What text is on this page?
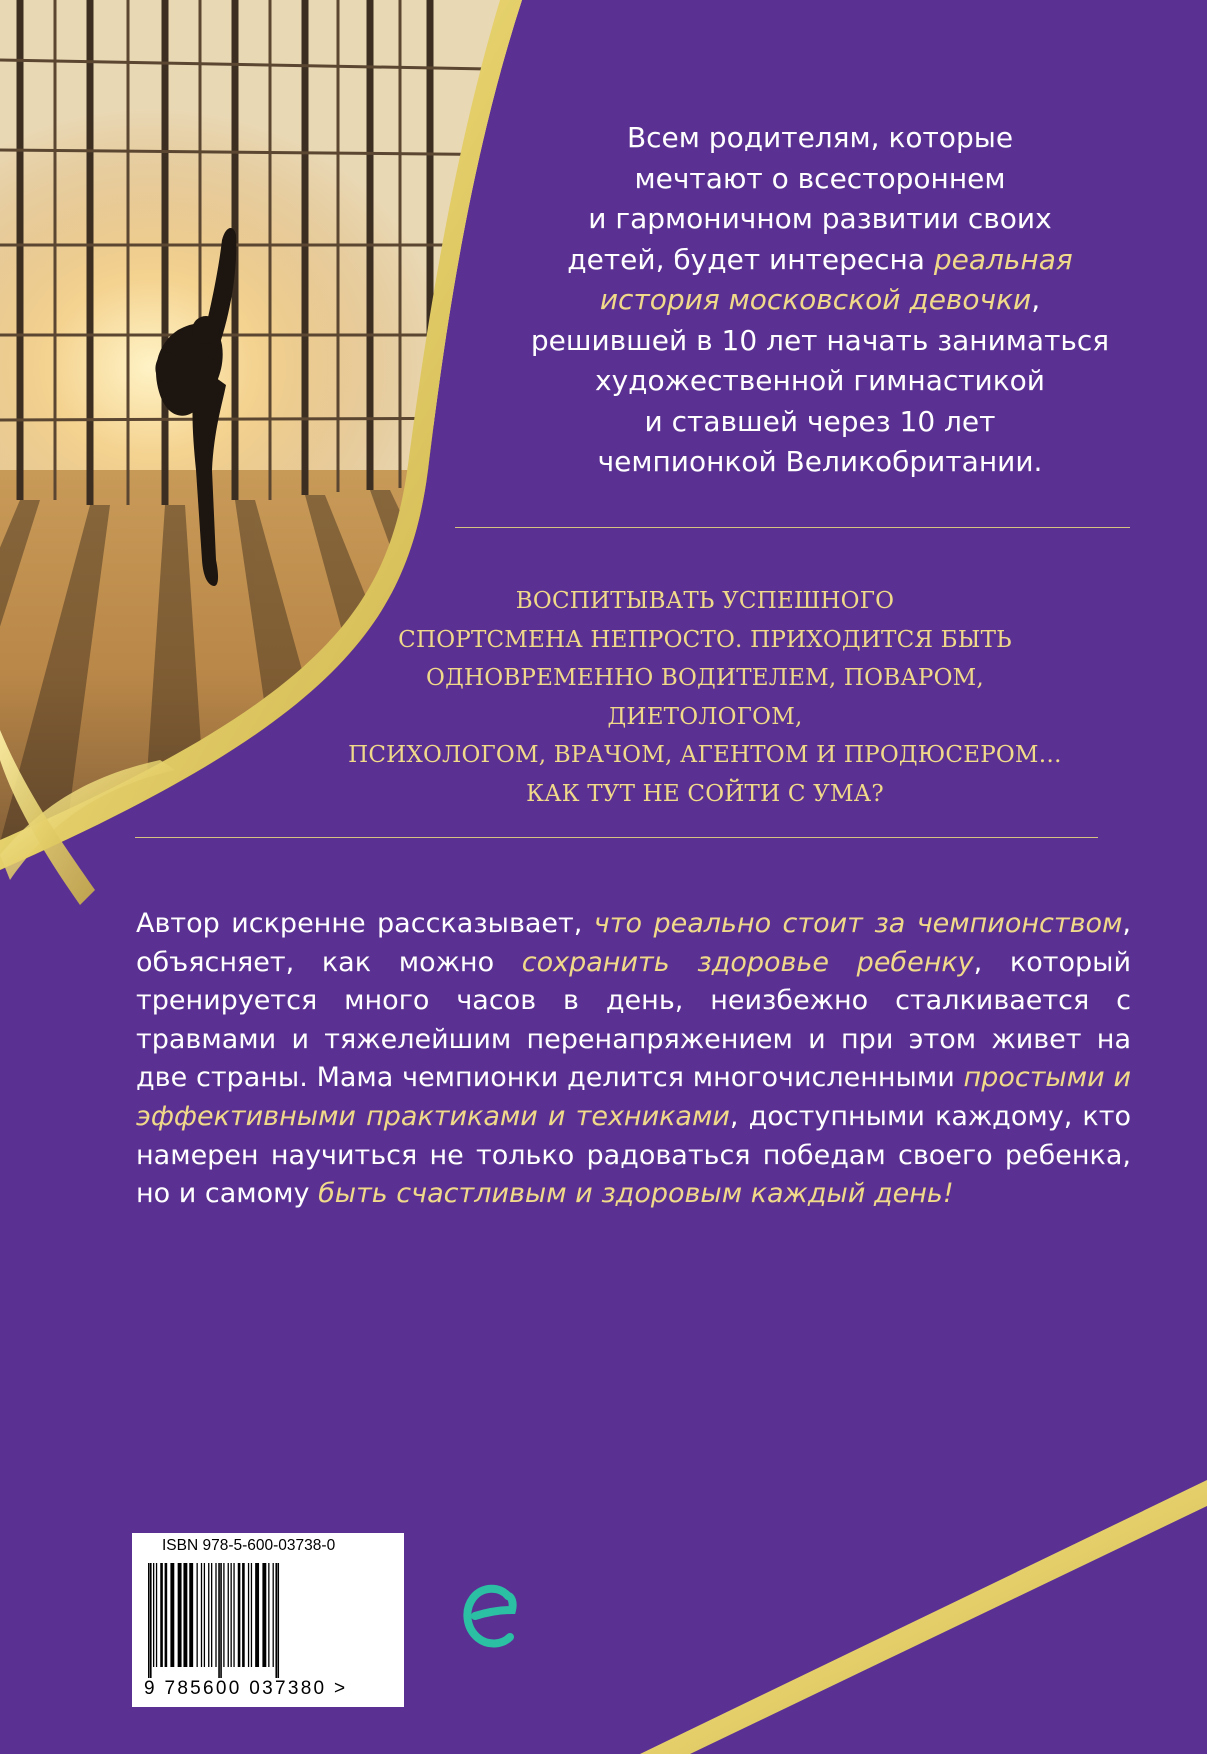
Всем родителям, которые
мечтают о всестороннем
и гармоничном развитии своих
детей, будет интересна реальная
история московской девочки,
решившей в 10 лет начать заниматься
художественной гимнастикой
и ставшей через 10 лет
чемпионкой Великобритании.
ВОСПИТЫВАТЬ УСПЕШНОГО
СПОРТСМЕНА НЕПРОСТО. ПРИХОДИТСЯ БЫТЬ
ОДНОВРЕМЕННО ВОДИТЕЛЕМ, ПОВАРОМ, ДИЕТОЛОГОМ,
ПСИХОЛОГОМ, ВРАЧОМ, АГЕНТОМ И ПРОДЮСЕРОМ…
КАК ТУТ НЕ СОЙТИ С УМА?
Автор искренне рассказывает, что реально стоит за чемпионством, объясняет, как можно сохранить здоровье ребенку, который тренируется много часов в день, неизбежно сталкивается с травмами и тяжелейшим перенапряжением и при этом живет на две страны. Мама чемпионки делится многочисленными простыми и эффективными практиками и техниками, доступными каждому, кто намерен научиться не только радоваться победам своего ребенка, но и самому быть счастливым и здоровым каждый день!
ISBN 978-5-600-03738-0
9 785600 037380 >
